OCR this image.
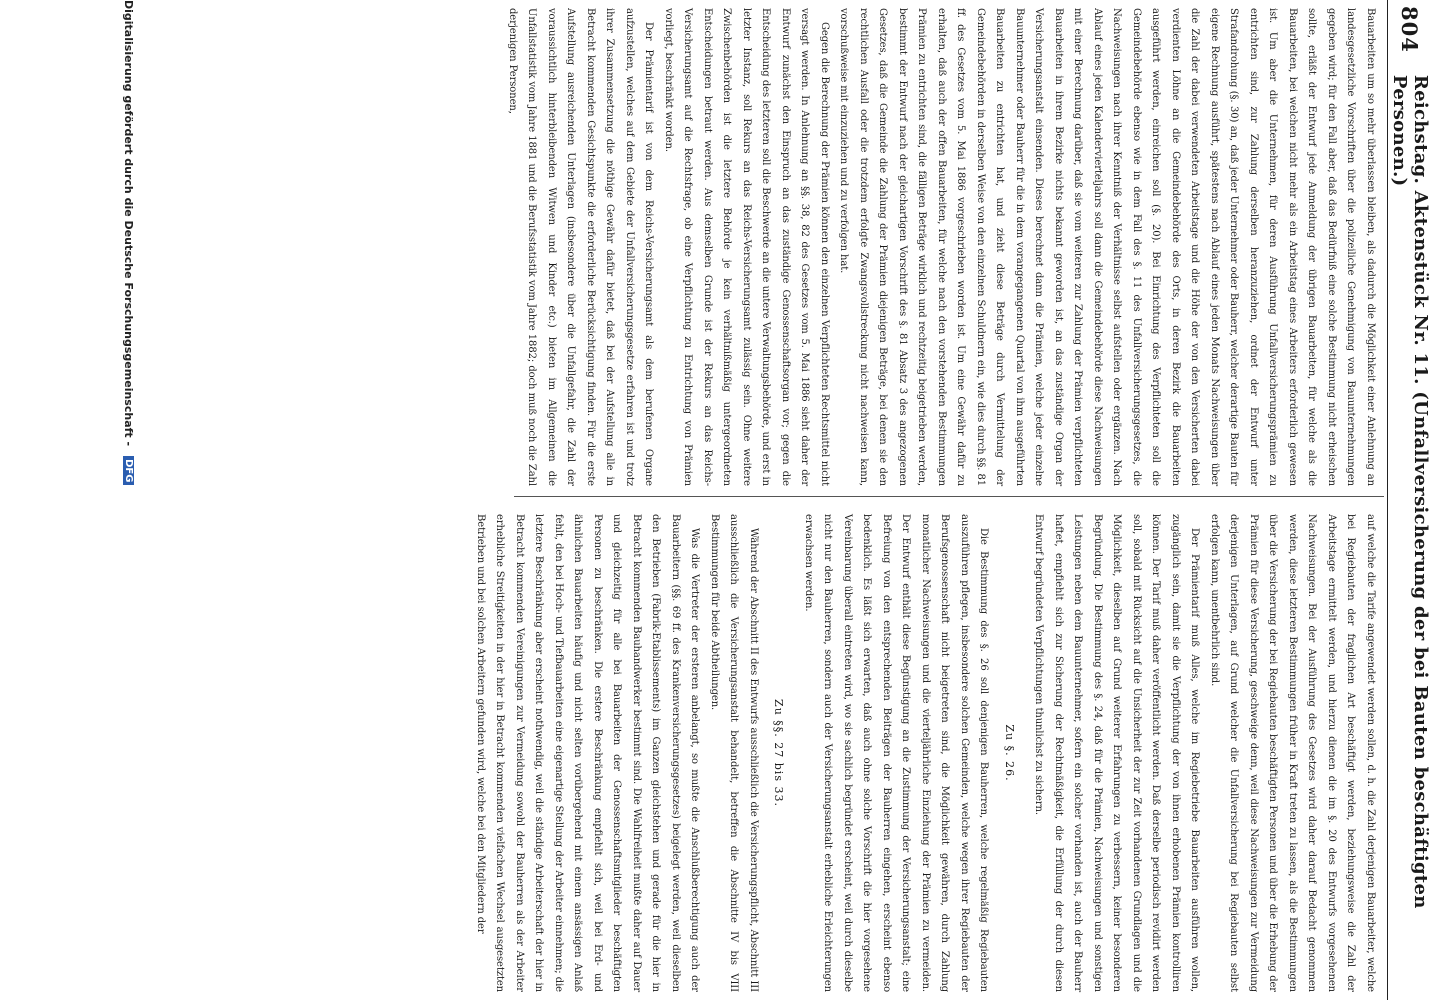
804
Reichstag. Aktenstück Nr. 11. (Unfallversicherung der bei Bauten beschäftigten Personen.)

Bauarbeiten um so mehr überlassen bleiben, als dadurch die Möglichkeit einer Anlehnung an landesgesetzliche Vorschriften über die polizeiliche Genehmigung von Bauunternehmungen gegeben wird; für den Fall aber, daß das Bedürfniß eine solche Bestimmung nicht erheischen sollte, erläßt der Entwurf jede Anmeldung der übrigen Bauarbeiten, für welche als die Bauarbeiten, bei welchen nicht mehr als ein Arbeitstag eines Arbeiters erforderlich gewesen ist. Um aber die Unternehmen, für deren Ausführung Unfallversicherungsprämien zu entrichten sind, zur Zahlung derselben heranzuziehen, ordnet der Entwurf unter Strafandrohung (§. 30) an, daß jeder Unternehmer oder Bauherr, welcher derartige Bauten für eigene Rechnung ausführt, spätestens nach Ablauf eines jeden Monats Nachweisungen über die Zahl der dabei verwendeten Arbeitstage und die Höhe der von den Versicherten dabei verdienten Löhne an die Gemeindebehörde des Orts, in deren Bezirk die Bauarbeiten ausgeführt werden, einreichen soll (§. 20). Bei Einrichtung des Verpflichteten soll die Gemeindebehörde ebenso wie in dem Fall des §. 11 des Unfallversicherungsgesetzes, die Nachweisungen nach ihrer Kenntniß der Verhältnisse selbst aufstellen oder ergänzen. Nach Ablauf eines jeden Kalendervierteljahrs soll dann die Gemeindebehörde diese Nachweisungen mit einer Berechnung darüber, daß sie vom weiteren zur Zahlung der Prämien verpflichteten Bauarbeiten in ihrem Bezirke nichts bekannt geworden ist, an das zuständige Organ der Versicherungsanstalt einsenden. Dieses berechnet dann die Prämien, welche jeder einzelne Bauunternehmer oder Bauherr für die in dem vorangegangenen Quartal von ihm ausgeführten Bauarbeiten zu entrichten hat, und zieht diese Beträge durch Vermittelung der Gemeindebehörden in derselben Weise von den einzelnen Schuldnern ein, wie dies durch §§. 81 ff. des Gesetzes vom 5. Mai 1886 vorgeschrieben worden ist. Um eine Gewähr dafür zu erhalten, daß auch der offen Bauarbeiten, für welche nach den vorstehenden Bestimmungen Prämien zu entrichten sind, die fälligen Beträge wirklich und rechtzeitig beigetrieben werden, bestimmt der Entwurf nach der gleichartigen Vorschrift des §. 81 Absatz 3 des angezogenen Gesetzes, daß die Gemeinde die Zahlung der Prämien diejenigen Beträge, bei denen sie den rechtlichen Ausfall oder die trotzdem erfolgte Zwangsvollstreckung nicht nachweisen kann, vorschußweise mit einzuziehen und zu verfolgen hat.

Gegen die Berechnung der Prämien können den einzelnen Verpflichteten Rechtsmittel nicht versagt werden. In Anlehnung an §§. 38, 82 des Gesetzes vom 5. Mai 1886 sieht daher der Entwurf zunächst den Einspruch an das zuständige Genossenschaftsorgan vor; gegen die Entscheidung des letzteren soll die Beschwerde an die untere Verwaltungsbehörde, und erst in letzter Instanz, soll Rekurs an das Reichs-Versicherungsamt zulässig sein. Ohne weitere Zwischenbehörden ist die letztere Behörde je kein verhältnißmäßig untergeordneten Entscheidungen betraut werden. Aus demselben Grunde ist der Rekurs an das Reichs-Versicherungsamt auf die Rechtsfrage, ob eine Verpflichtung zu Entrichtung von Prämien vorliegt, beschränkt worden.

Der Prämientarif ist von dem Reichs-Versicherungsamt als dem berufenen Organe aufzustellen, welches auf dem Gebiete der Unfallversicherungsgesetze erfahren ist und trotz ihrer Zusammensetzung die nöthige Gewähr dafür bietet, daß bei der Aufstellung alle in Betracht kommenden Gesichtspunkte die erforderliche Berücksichtigung finden. Für die erste Aufstellung ausreichenden Unterlagen (insbesondere über die Unfallgefahr, die Zahl der voraussichtlich hinterbleibenden Witwen und Kinder etc.) bieten im Allgemeinen die Unfallstatistik vom Jahre 1881 und die Berufsstatistik vom Jahre 1882; doch muß noch die Zahl derjenigen Personen,

auf welche die Tarife angewendet werden sollen, d. h. die Zahl derjenigen Bauarbeiter, welche bei Regiebauten der fraglichen Art beschäftigt werden, beziehungsweise die Zahl der Arbeitstage ermittelt werden, und hierzu dienen die im §. 20 des Entwurfs vorgesehenen Nachweisungen. Bei der Ausführung des Gesetzes wird daher darauf Bedacht genommen werden, diese letzteren Bestimmungen früher in Kraft treten zu lassen, als die Bestimmungen über die Versicherung der bei Regiebauten beschäftigten Personen und über die Erhebung der Prämien für diese Versicherung, geschweige denn, weil diese Nachweisungen zur Vermeidung derjenigen Unterlagen, auf Grund welcher die Unfallversicherung bei Regiebauten selbst erfolgen kann, unentbehrlich sind.

Der Prämientarif muß Alles, welche im Regiebetriebe Bauarbeiten ausführen wollen, zugänglich sein, damit sie die Verpflichtung der von ihnen erhobenen Prämien kontrolliren können. Der Tarif muß daher veröffentlicht werden. Daß derselbe periodisch revidirt werden soll, sobald mit Rücksicht auf die Unsicherheit der zur Zeit vorhandenen Grundlagen und die Möglichkeit, dieselben auf Grund weiterer Erfahrungen zu verbessern, keiner besonderen Begründung. Die Bestimmung des §. 24, daß für die Prämien, Nachweisungen und sonstigen Leistungen neben dem Bauunternehmer, sofern ein solcher vorhanden ist, auch der Bauherr haftet, empfiehlt sich zur Sicherung der Rechtmäßigkeit, die Erfüllung der durch diesen Entwurf begründeten Verpflichtungen thunlichst zu sichern.

Zu §. 26.

Die Bestimmung des §. 26 soll denjenigen Bauherren, welche regelmäßig Regiebauten auszuführen pflegen, insbesondere solchen Gemeinden, welche wegen ihrer Regiebauten der Berufsgenossenschaft nicht beigetreten sind, die Möglichkeit gewähren, durch Zahlung monatlicher Nachweisungen und die vierteljährliche Einziehung der Prämien zu vermeiden. Der Entwurf enthält diese Begünstigung an die Zustimmung der Versicherungsanstalt; eine Befreiung von den entsprechenden Beiträgen der Bauherren eingehen, erscheint ebenso bedenklich. Es läßt sich erwarten, daß auch ohne solche Vorschrift die hier vorgesehene Vereinbarung überall eintreten wird, wo sie sachlich begründet erscheint, weil durch dieselbe nicht nur den Bauherren, sondern auch der Versicherungsanstalt erhebliche Erleichterungen erwachsen werden.

Zu §§. 27 bis 33.

Während der Abschnitt II des Entwurfs ausschließlich die Versicherungspflicht, Abschnitt III ausschließlich die Versicherungsanstalt behandelt, betreffen die Abschnitte IV bis VIII Bestimmungen für beide Abtheilungen.

Was die Vertreter der ersteren anbelangt, so mußte die Anschlußberechtigung auch der Bauarbeitern (§§. 69 ff. des Krankenversicherungsgesetzes) beigelegt werden, weil dieselben den Betrieben (Fabrik-Etablissements) im Ganzen gleichstehen und gerade für die hier in Betracht kommenden Bauhandwerker bestimmt sind. Die Wahlfreiheit mußte daher auf Dauer und gleichzeitig für alle bei Bauarbeiten der Genossenschaftsmitglieder beschäftigten Personen zu beschränken. Die erstere Beschränkung empfiehlt sich, weil bei Erd- und ähnlichen Bauarbeiten häufig und nicht selten vorübergehend mit einem ansässigen Anlaß fehlt, den bei Hoch- und Tiefbauarbeiten eine eigenartige Stellung der Arbeiter einnehmen; die letztere Beschränkung aber erscheint nothwendig, weil die ständige Arbeiterschaft der hier in Betracht kommenden Vereinigungen zur Vermeidung sowohl der Bauherren als der Arbeiter erhebliche Streitigkeiten in der hier in Betracht kommenden vielfachen Wechsel ausgesetzten Betrieben und bei solchen Arbeitern gefunden wird, welche bei den Mitgliedern der

Digitalisierung gefördert durch die Deutsche Forschungsgemeinschaft -
DFG
